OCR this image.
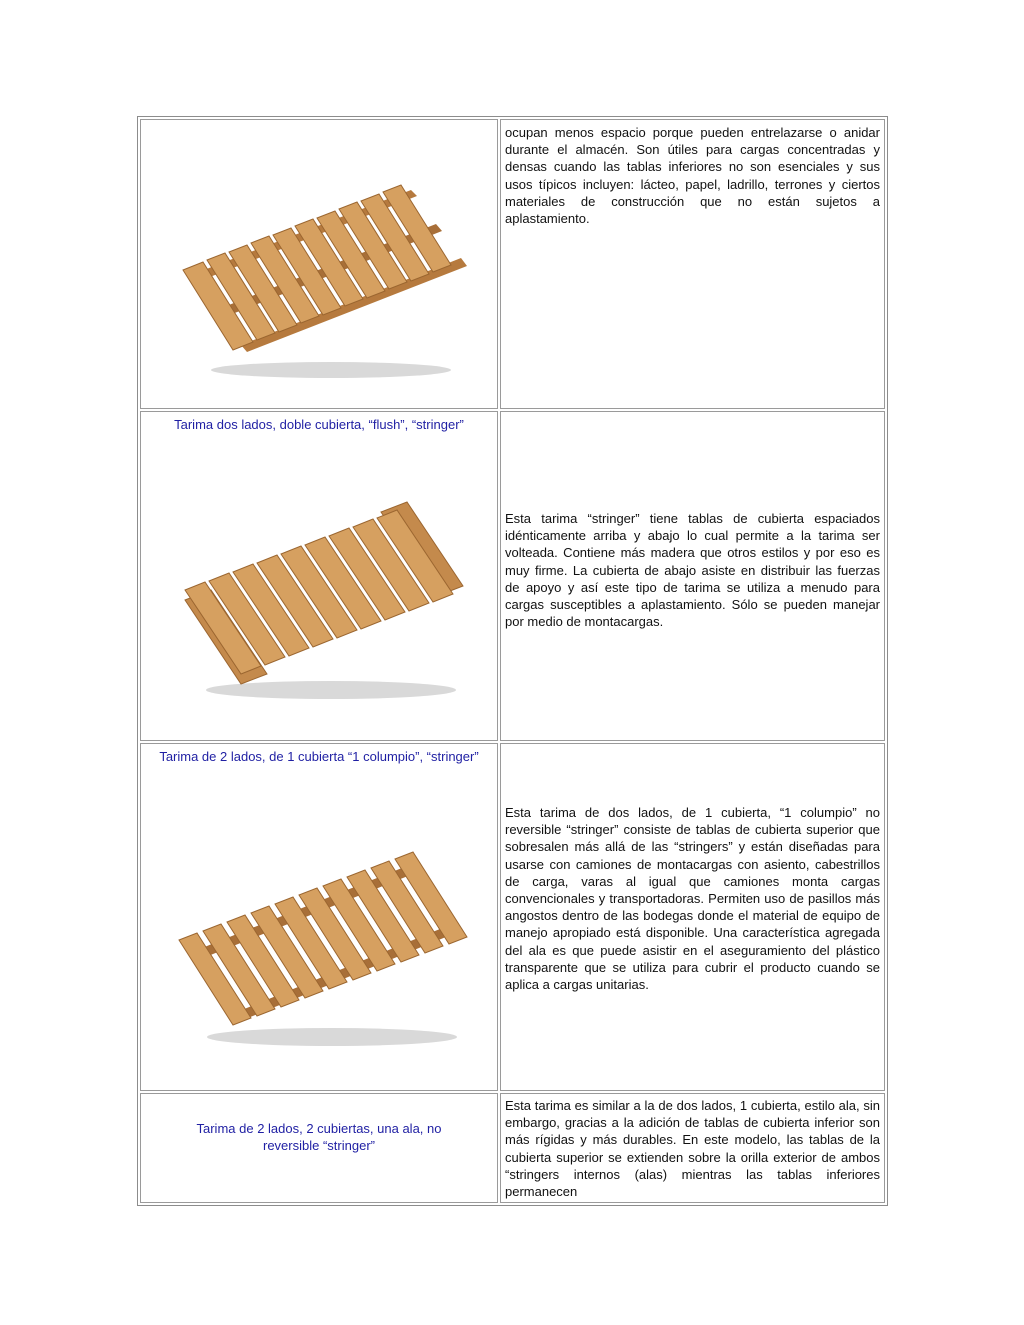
ocupan menos espacio porque pueden entrelazarse o anidar durante el almacén. Son útiles para cargas concentradas y densas cuando las tablas inferiores no son esenciales y sus usos típicos incluyen: lácteo, papel, ladrillo, terrones y ciertos materiales de construcción que no están sujetos a aplastamiento.
Tarima dos lados, doble cubierta, “flush”, “stringer”
Esta tarima “stringer” tiene tablas de cubierta espaciados idénticamente arriba y abajo lo cual permite a la tarima ser volteada. Contiene más madera que otros estilos y por eso es muy firme. La cubierta de abajo asiste en distribuir las fuerzas de apoyo y así este tipo de tarima se utiliza a menudo para cargas susceptibles a aplastamiento. Sólo se pueden manejar por medio de montacargas.
Tarima de 2 lados, de 1 cubierta “1 columpio”, “stringer”
Esta tarima de dos lados, de 1 cubierta, “1 columpio” no reversible “stringer” consiste de tablas de cubierta superior que sobresalen más allá de las “stringers” y están diseñadas para usarse con camiones de montacargas con asiento, cabestrillos de carga, varas al igual que camiones monta cargas convencionales y transportadoras. Permiten uso de pasillos más angostos dentro de las bodegas donde el material de equipo de manejo apropiado está disponible. Una característica agregada del ala es que puede asistir en el aseguramiento del plástico transparente que se utiliza para cubrir el producto cuando se aplica a cargas unitarias.
Tarima de 2 lados, 2 cubiertas, una ala, no reversible “stringer”
Esta tarima es similar a la de dos lados, 1 cubierta, estilo ala, sin embargo, gracias a la adición de tablas de cubierta inferior son más rígidas y más durables. En este modelo, las tablas de la cubierta superior se extienden sobre la orilla exterior de ambos “stringers internos (alas) mientras las tablas inferiores permanecen
